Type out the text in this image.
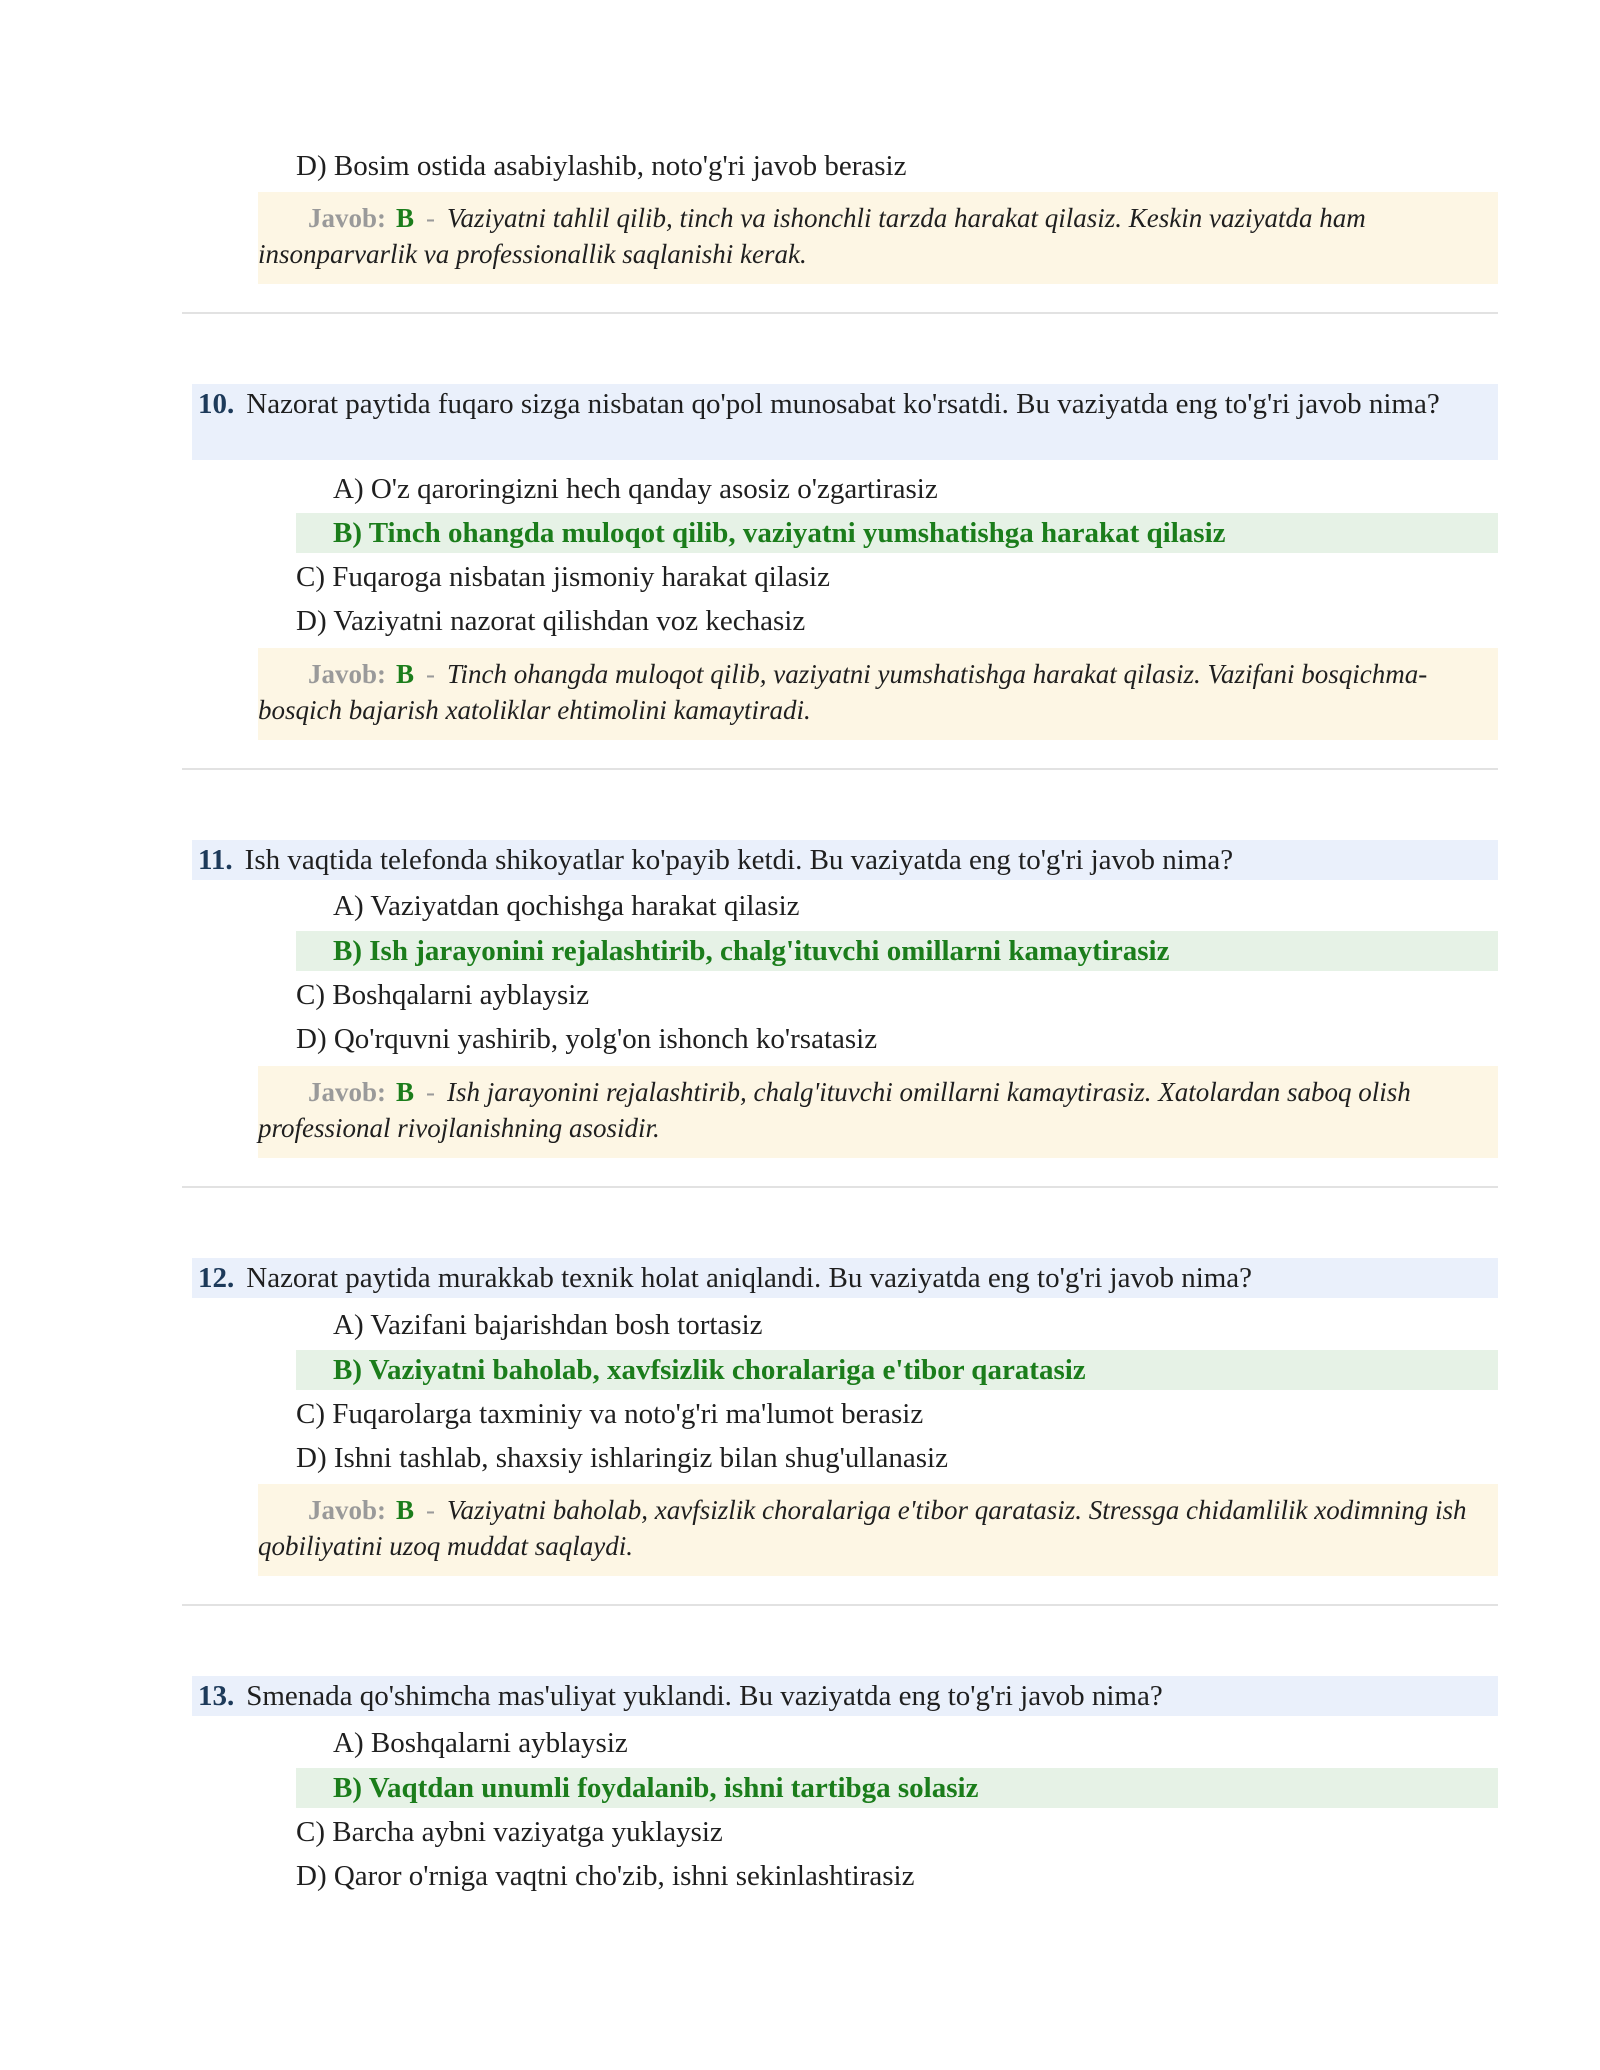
D) Bosim ostida asabiylashib, noto'g'ri javob berasiz
Javob: B - Vaziyatni tahlil qilib, tinch va ishonchli tarzda harakat qilasiz. Keskin vaziyatda ham insonparvarlik va professionallik saqlanishi kerak.
10. Nazorat paytida fuqaro sizga nisbatan qo'pol munosabat ko'rsatdi. Bu vaziyatda eng to'g'ri javob nima?
A) O'z qaroringizni hech qanday asosiz o'zgartirasiz
B) Tinch ohangda muloqot qilib, vaziyatni yumshatishga harakat qilasiz
C) Fuqaroga nisbatan jismoniy harakat qilasiz
D) Vaziyatni nazorat qilishdan voz kechasiz
Javob: B - Tinch ohangda muloqot qilib, vaziyatni yumshatishga harakat qilasiz. Vazifani bosqichma-bosqich bajarish xatoliklar ehtimolini kamaytiradi.
11. Ish vaqtida telefonda shikoyatlar ko'payib ketdi. Bu vaziyatda eng to'g'ri javob nima?
A) Vaziyatdan qochishga harakat qilasiz
B) Ish jarayonini rejalashtirib, chalg'ituvchi omillarni kamaytirasiz
C) Boshqalarni ayblaysiz
D) Qo'rquvni yashirib, yolg'on ishonch ko'rsatasiz
Javob: B - Ish jarayonini rejalashtirib, chalg'ituvchi omillarni kamaytirasiz. Xatolardan saboq olish professional rivojlanishning asosidir.
12. Nazorat paytida murakkab texnik holat aniqlandi. Bu vaziyatda eng to'g'ri javob nima?
A) Vazifani bajarishdan bosh tortasiz
B) Vaziyatni baholab, xavfsizlik choralariga e'tibor qaratasiz
C) Fuqarolarga taxminiy va noto'g'ri ma'lumot berasiz
D) Ishni tashlab, shaxsiy ishlaringiz bilan shug'ullanasiz
Javob: B - Vaziyatni baholab, xavfsizlik choralariga e'tibor qaratasiz. Stressga chidamlilik xodimning ish qobiliyatini uzoq muddat saqlaydi.
13. Smenada qo'shimcha mas'uliyat yuklandi. Bu vaziyatda eng to'g'ri javob nima?
A) Boshqalarni ayblaysiz
B) Vaqtdan unumli foydalanib, ishni tartibga solasiz
C) Barcha aybni vaziyatga yuklaysiz
D) Qaror o'rniga vaqtni cho'zib, ishni sekinlashtirasiz
